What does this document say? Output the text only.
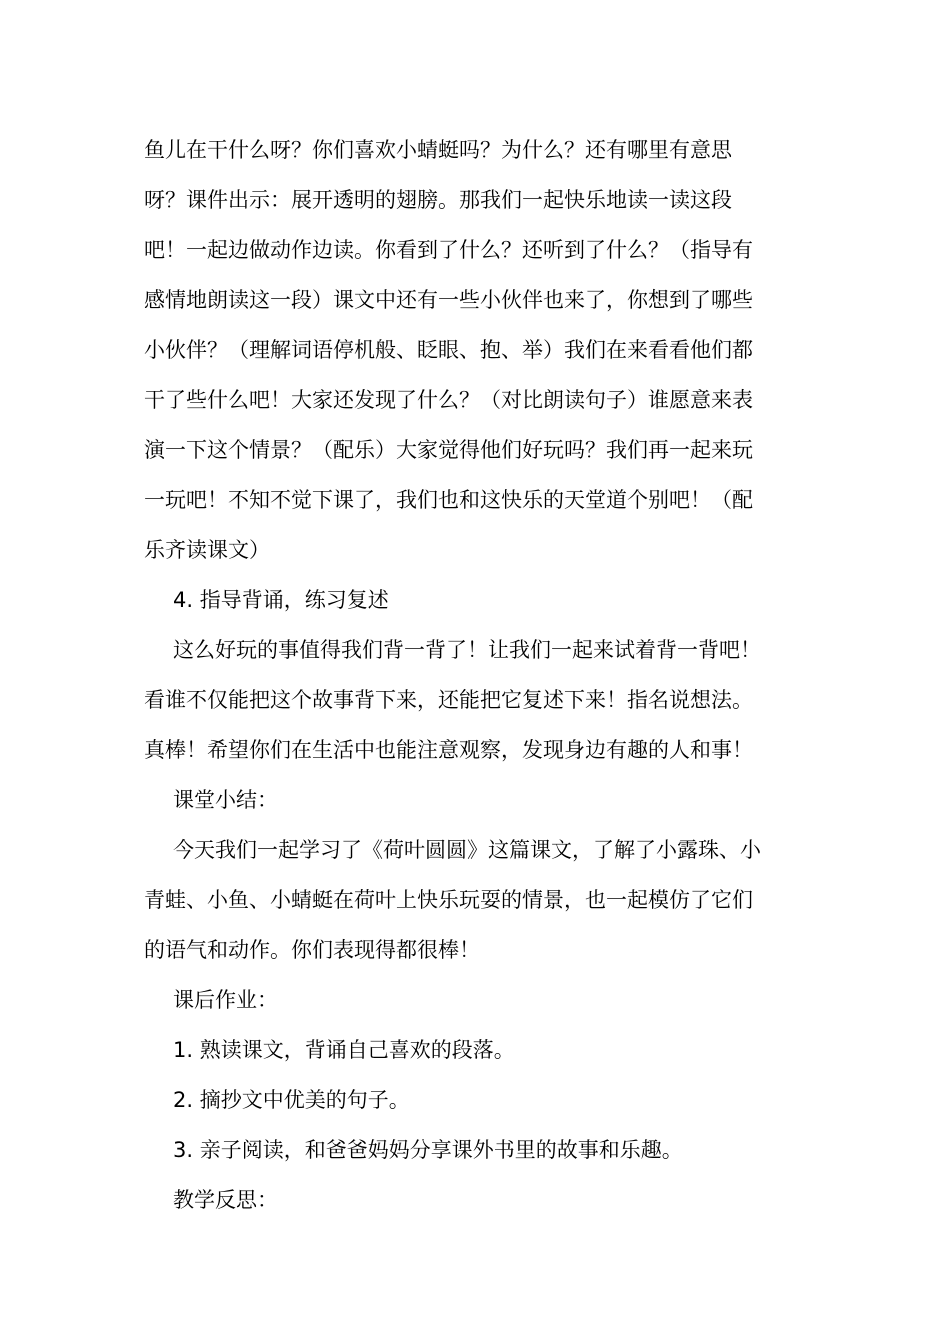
鱼儿在干什么呀？你们喜欢小蜻蜓吗？为什么？还有哪里有意思
呀？课件出示：展开透明的翅膀。那我们一起快乐地读一读这段
吧！一起边做动作边读。你看到了什么？还听到了什么？（指导有
感情地朗读这一段）课文中还有一些小伙伴也来了，你想到了哪些
小伙伴？（理解词语停机般、眨眼、抱、举）我们在来看看他们都
干了些什么吧！大家还发现了什么？（对比朗读句子）谁愿意来表
演一下这个情景？（配乐）大家觉得他们好玩吗？我们再一起来玩
一玩吧！不知不觉下课了，我们也和这快乐的天堂道个别吧！（配
乐齐读课文）

4. 指导背诵，练习复述

这么好玩的事值得我们背一背了！让我们一起来试着背一背吧！
看谁不仅能把这个故事背下来，还能把它复述下来！指名说想法。
真棒！希望你们在生活中也能注意观察，发现身边有趣的人和事！

课堂小结：

今天我们一起学习了《荷叶圆圆》这篇课文，了解了小露珠、小
青蛙、小鱼、小蜻蜓在荷叶上快乐玩耍的情景，也一起模仿了它们
的语气和动作。你们表现得都很棒！

课后作业：

1. 熟读课文，背诵自己喜欢的段落。

2. 摘抄文中优美的句子。

3. 亲子阅读，和爸爸妈妈分享课外书里的故事和乐趣。

教学反思：
